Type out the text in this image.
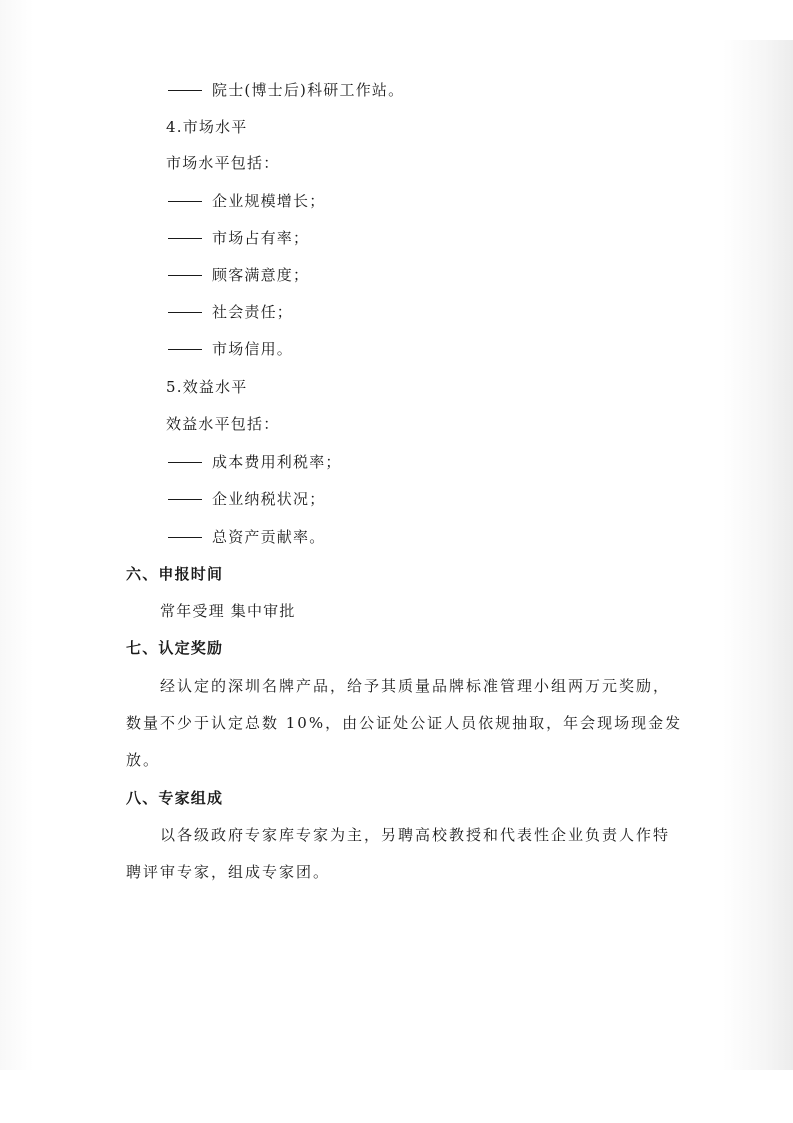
院士(博士后)科研工作站。
4.市场水平
市场水平包括：
企业规模增长；
市场占有率；
顾客满意度；
社会责任；
市场信用。
5.效益水平
效益水平包括：
成本费用利税率；
企业纳税状况；
总资产贡献率。
六、申报时间
常年受理 集中审批
七、认定奖励
经认定的深圳名牌产品，给予其质量品牌标准管理小组两万元奖励，
数量不少于认定总数 10%，由公证处公证人员依规抽取，年会现场现金发
放。
八、专家组成
以各级政府专家库专家为主，另聘高校教授和代表性企业负责人作特
聘评审专家，组成专家团。
